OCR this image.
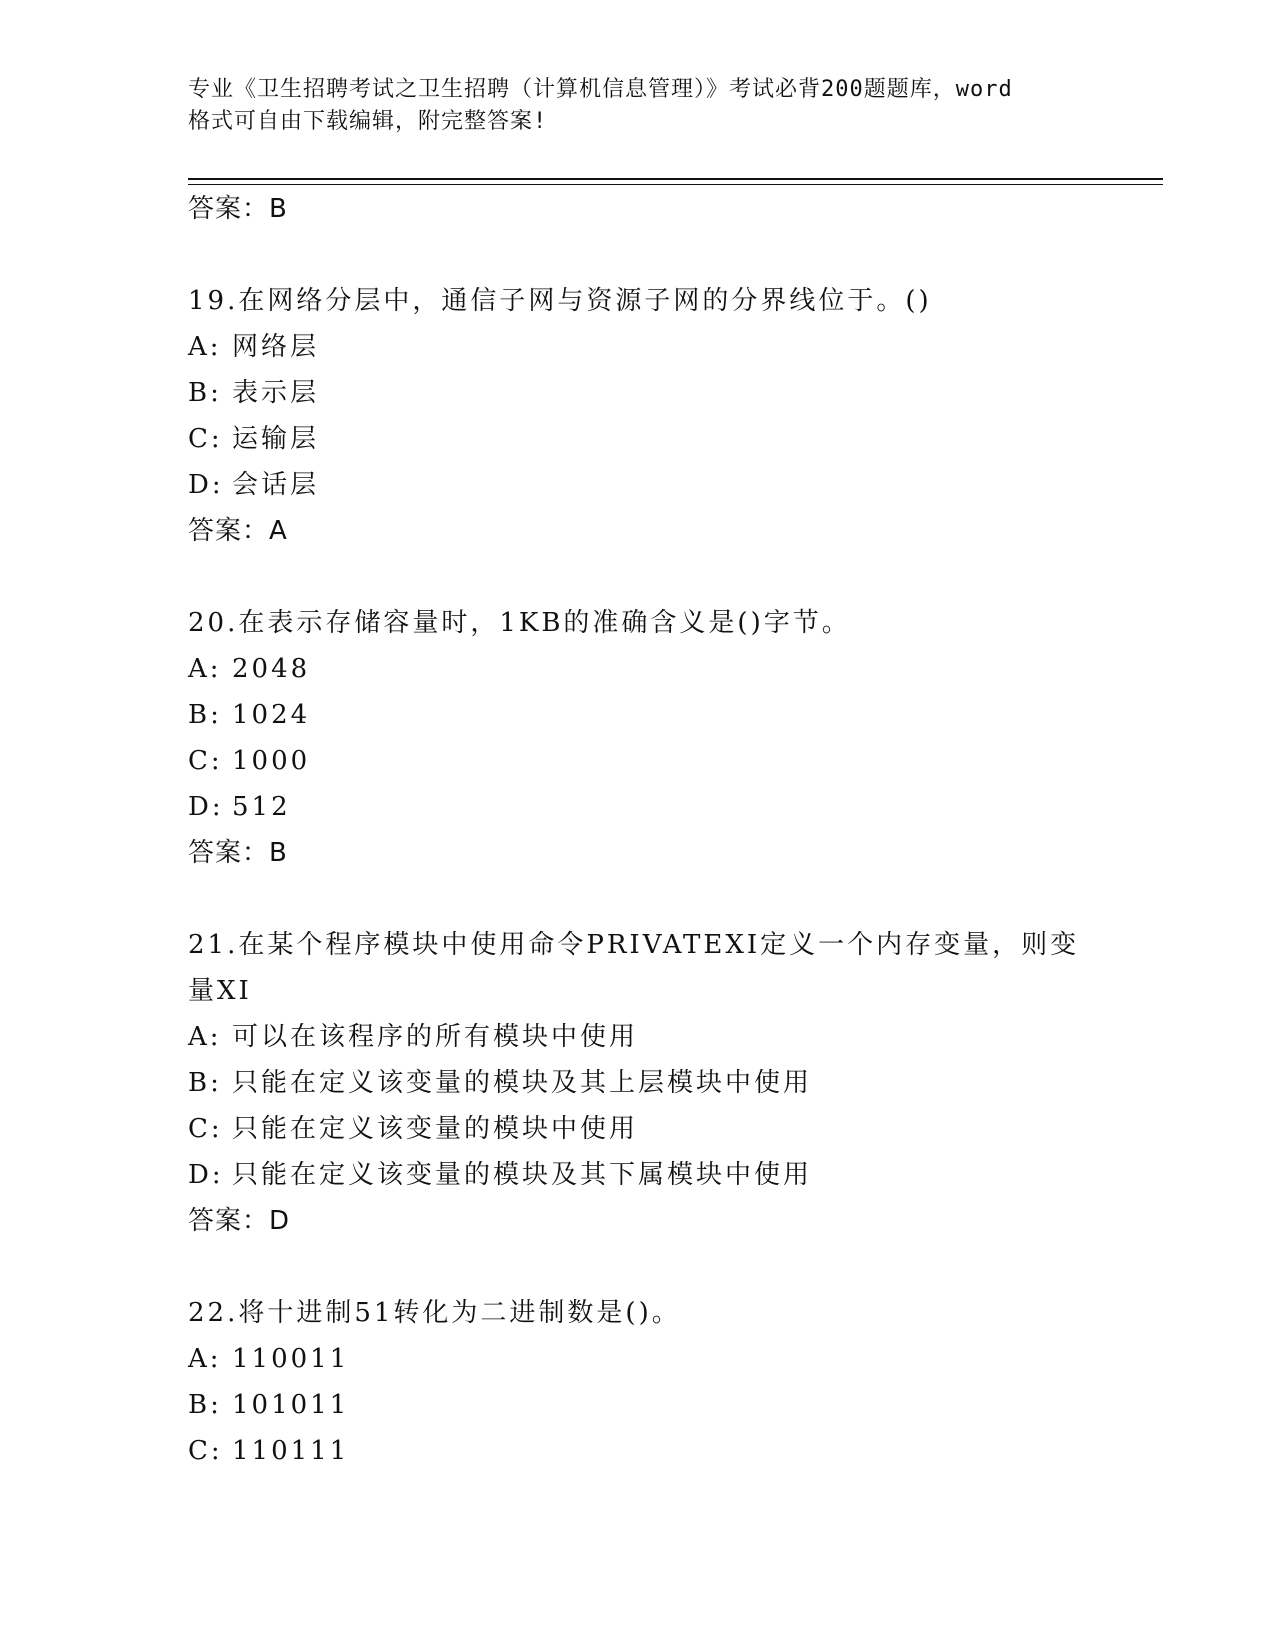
专业《卫生招聘考试之卫生招聘（计算机信息管理）》考试必背200题题库，word
格式可自由下载编辑，附完整答案!
答案：B
19.在网络分层中，通信子网与资源子网的分界线位于。()
A: 网络层
B: 表示层
C: 运输层
D: 会话层
答案：A
20.在表示存储容量时，1KB的准确含义是()字节。
A: 2048
B: 1024
C: 1000
D: 512
答案：B
21.在某个程序模块中使用命令PRIVATEXI定义一个内存变量，则变量XI
A: 可以在该程序的所有模块中使用
B: 只能在定义该变量的模块及其上层模块中使用
C: 只能在定义该变量的模块中使用
D: 只能在定义该变量的模块及其下属模块中使用
答案：D
22.将十进制51转化为二进制数是()。
A: 110011
B: 101011
C: 110111
